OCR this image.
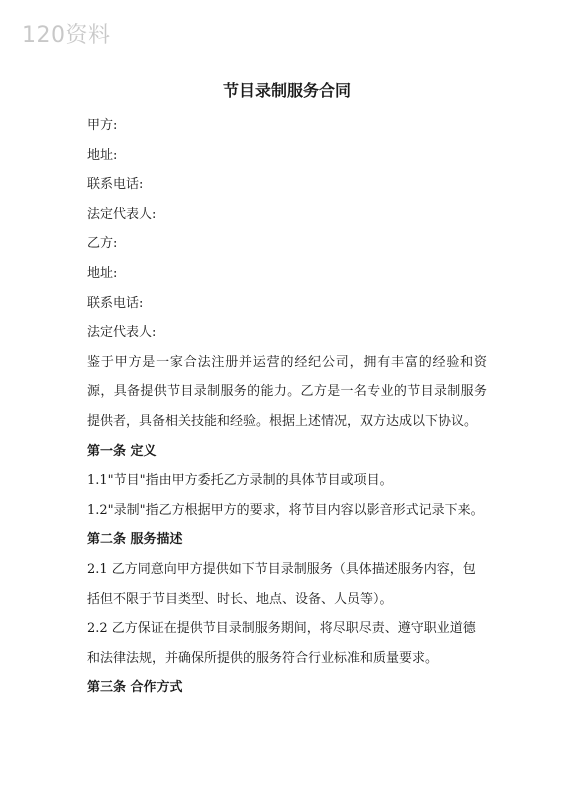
120资料
节目录制服务合同
甲方:
地址:
联系电话:
法定代表人:
乙方:
地址:
联系电话:
法定代表人:

鉴于甲方是一家合法注册并运营的经纪公司，拥有丰富的经验和资源，具备提供节目录制服务的能力。乙方是一名专业的节目录制服务提供者，具备相关技能和经验。根据上述情况，双方达成以下协议。

第一条 定义

1.1"节目"指由甲方委托乙方录制的具体节目或项目。

1.2"录制"指乙方根据甲方的要求，将节目内容以影音形式记录下来。

第二条 服务描述

2.1 乙方同意向甲方提供如下节目录制服务（具体描述服务内容，包括但不限于节目类型、时长、地点、设备、人员等）。

2.2 乙方保证在提供节目录制服务期间，将尽职尽责、遵守职业道德和法律法规，并确保所提供的服务符合行业标准和质量要求。

第三条 合作方式
